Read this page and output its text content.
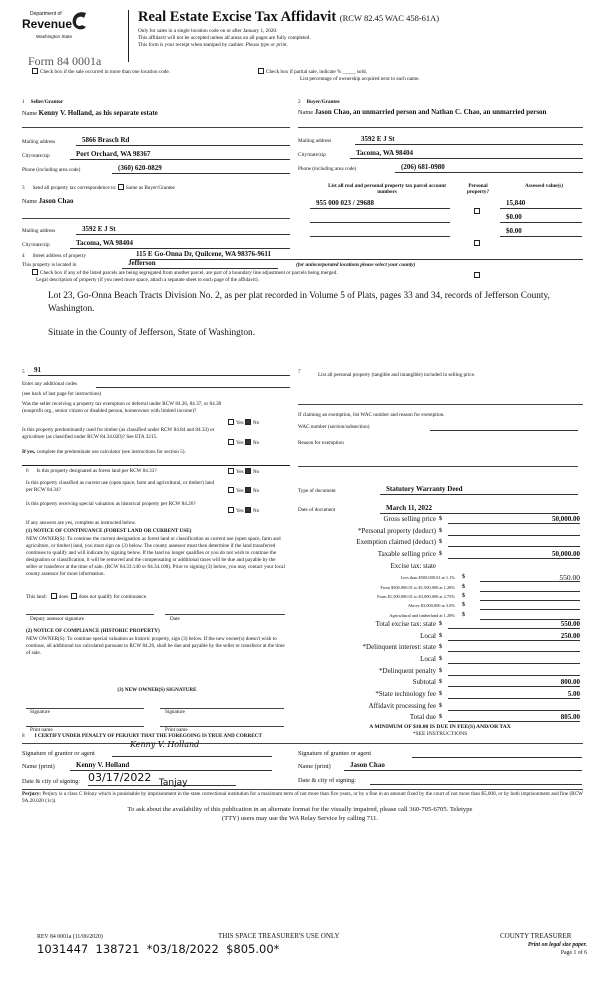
Department of
Revenue
Washington State
Form 84 0001a
Real Estate Excise Tax Affidavit (RCW 82.45 WAC 458-61A)
Only for sales in a single location code on or after January 1, 2020.
This affidavit will not be accepted unless all areas on all pages are fully completed.
This form is your receipt when stamped by cashier. Please type or print.
Check box if the sale occurred in more than one location code.	Check box if partial sale, indicate % _____ sold.
List percentage of ownership acquired next to each name.
1 Seller/Grantor
Name Kenny V. Holland, as his separate estate
Mailing address	5866 Brasch Rd
City/state/zip	Port Orchard, WA 98367
Phone (including area code)	(360) 620-0829
2 Buyer/Grantee
Name Jason Chao, an unmarried person and Nathan C. Chao, an unmarried person
Mailing address	3592 E J St
City/state/zip	Tacoma, WA 98404
Phone (including area code)	(206) 681-0980
3 Send all property tax correspondence to: Same as Buyer/Grantee
Name Jason Chao
Mailing address	3592 E J St
City/state/zip	Tacoma, WA 98404
List all real and personal property tax parcel account numbers
Personal property?
Assessed value(s)
955 000 023 / 29688	15,840
$0.00
$0.00
4 Street address of property	115 E Go-Onna Dr, Quilcene, WA 98376-9611
This property is located in	Jefferson	(for unincorporated locations please select your county)
Check box if any of the listed parcels are being segregated from another parcel, are part of a boundary line adjustment or parcels being merged.
Legal description of property (if you need more space, attach a separate sheet to each page of the affidavit).
Lot 23, Go-Onna Beach Tracts Division No. 2, as per plat recorded in Volume 5 of Plats, pages 33 and 34, records of Jefferson County, Washington.
Situate in the County of Jefferson, State of Washington.
5	91
Enter any additional codes
(see back of last page for instructions)
Was the seller receiving a property tax exemption or deferral under RCW 84.36, 84.37, or 84.38 (nonprofit org., senior citizen or disabled person, homeowner with limited income)?
Yes No
Is this property predominantly used for timber (as classified under RCW 84.84 and 84.33) or agriculture (as classified under RCW 84.34.020)? See ETA 3215.
Yes No
If yes, complete the predominate use calculator (see instructions for section 5).
6 Is this property designated as forest land per RCW 84.33?	Yes No
Is this property classified as current use (open space, farm and agricultural, or timber) land per RCW 84.34?	Yes No
Is this property receiving special valuation as historical property per RCW 84.26?
Yes No
If any answers are yes, complete as instructed below.
(1) NOTICE OF CONTINUANCE (FOREST LAND OR CURRENT USE)
NEW OWNER(S): To continue the current designation as forest land or classification as current use (open space, farm and agriculture, or timber) land, you must sign on (3) below. The county assessor must then determine if the land transferred continues to qualify and will indicate by signing below. If the land no longer qualifies or you do not wish to continue the designation or classification, it will be removed and the compensating or additional taxes will be due and payable by the seller or transferor at the time of sale. (RCW 84.33.140 or 84.34.108). Prior to signing (3) below, you may contact your local county assessor for more information.
This land: does does not qualify for continuance.
Deputy assessor signature	Date
(2) NOTICE OF COMPLIANCE (HISTORIC PROPERTY)
NEW OWNER(S): To continue special valuation as historic property, sign (3) below. If the new owner(s) doesn't wish to continue, all additional tax calculated pursuant to RCW 84.26, shall be due and payable by the seller or transferor at the time of sale.
(3) NEW OWNER(S) SIGNATURE
Signature	Signature
Print name	Print name
7	List all personal property (tangible and intangible) included in selling price.
If claiming an exemption, list WAC number and reason for exemption.
WAC number (section/subsection)
Reason for exemption
Type of document	Statutory Warranty Deed
Date of document	March 11, 2022
Gross selling price $	50,000.00
*Personal property (deduct) $
Exemption claimed (deduct) $
Taxable selling price $	50,000.00
Excise tax: state
Less than $500,000.01 at 1.1% $	550.00
From $500,000.01 to $1,500,000 at 1.28% $
From $1,500,000.01 to $3,000,000 at 2.75% $
Above $3,000,000 at 3.0% $
Agricultural and timberland at 1.28% $
Total excise tax: state $	550.00
Local $	250.00
*Delinquent interest: state $
Local $
*Delinquent penalty $
Subtotal $	800.00
*State technology fee $	5.00
Affidavit processing fee $
Total due $	805.00
A MINIMUM OF $10.00 IS DUE IN FEE(S) AND/OR TAX
*SEE INSTRUCTIONS
8 I CERTIFY UNDER PENALTY OF PERJURY THAT THE FOREGOING IS TRUE AND CORRECT
Signature of grantor or agent
Kenny V. Holland
Name (print)	Kenny V. Holland
Date & city of signing: 03/17/2022 $_{Tanjay}$
Signature of grantee or agent
Name (print)	Jason Chao
Date & city of signing:
Perjury: Perjury is a class C felony which is punishable by imprisonment in the state correctional institution for a maximum term of not more than five years, or by a fine in an amount fixed by the court of not more than $5,000, or by both imprisonment and fine (RCW 9A.20.020 (1c)).
To ask about the availability of this publication in an alternate format for the visually impaired, please call 360-705-6705. Teletype
(TTY) users may use the WA Relay Service by calling 711.
REV 84 0001a (11/06/2020)	THIS SPACE TREASURER'S USE ONLY	COUNTY TREASURER
Print on legal size paper.
Page 1 of 6
1031447  138721  *03/18/2022  $805.00*
